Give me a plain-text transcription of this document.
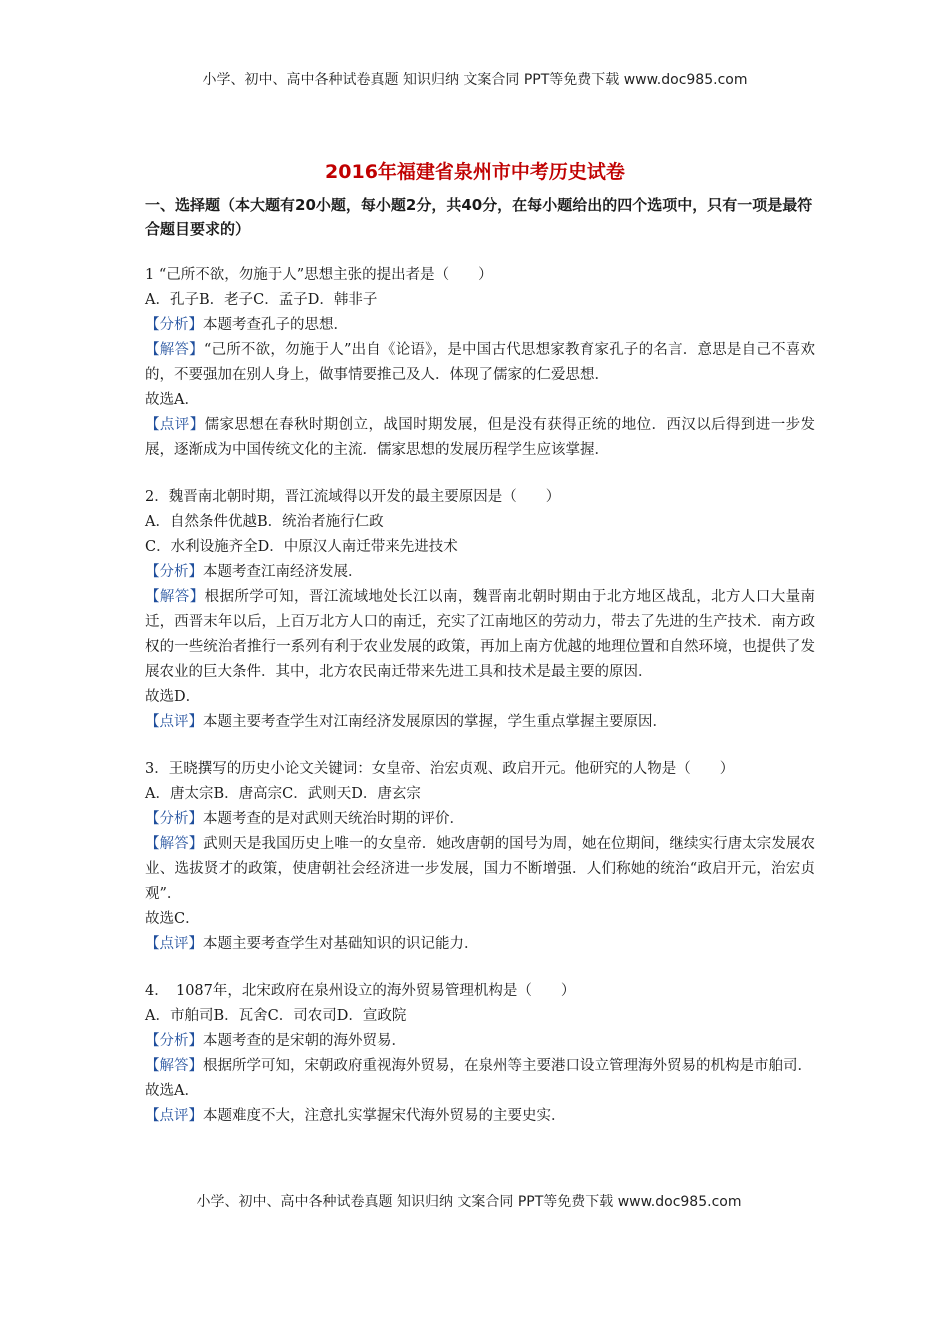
小学、初中、高中各种试卷真题 知识归纳 文案合同 PPT等免费下载 www.doc985.com
2016年福建省泉州市中考历史试卷
一、选择题（本大题有20小题，每小题2分，共40分，在每小题给出的四个选项中，只有一项是最符合题目要求的）
1 “己所不欲，勿施于人”思想主张的提出者是（　　）
A．孔子B．老子C．孟子D．韩非子
【分析】本题考查孔子的思想．
【解答】“己所不欲，勿施于人”出自《论语》，是中国古代思想家教育家孔子的名言．意思是自己不喜欢的，不要强加在别人身上，做事情要推己及人．体现了儒家的仁爱思想．
故选A．
【点评】儒家思想在春秋时期创立，战国时期发展，但是没有获得正统的地位．西汉以后得到进一步发展，逐渐成为中国传统文化的主流．儒家思想的发展历程学生应该掌握．
2．魏晋南北朝时期，晋江流域得以开发的最主要原因是（　　）
A．自然条件优越B．统治者施行仁政
C．水利设施齐全D．中原汉人南迁带来先进技术
【分析】本题考查江南经济发展．
【解答】根据所学可知，晋江流域地处长江以南，魏晋南北朝时期由于北方地区战乱，北方人口大量南迁，西晋末年以后，上百万北方人口的南迁，充实了江南地区的劳动力，带去了先进的生产技术．南方政权的一些统治者推行一系列有利于农业发展的政策，再加上南方优越的地理位置和自然环境，也提供了发展农业的巨大条件．其中，北方农民南迁带来先进工具和技术是最主要的原因．
故选D．
【点评】本题主要考查学生对江南经济发展原因的掌握，学生重点掌握主要原因．
3．王晓撰写的历史小论文关键词：女皇帝、治宏贞观、政启开元。他研究的人物是（　　）
A．唐太宗B．唐高宗C．武则天D．唐玄宗
【分析】本题考查的是对武则天统治时期的评价．
【解答】武则天是我国历史上唯一的女皇帝．她改唐朝的国号为周，她在位期间，继续实行唐太宗发展农业、选拔贤才的政策，使唐朝社会经济进一步发展，国力不断增强．人们称她的统治“政启开元，治宏贞观”．
故选C．
【点评】本题主要考查学生对基础知识的识记能力．
4．　1087年，北宋政府在泉州设立的海外贸易管理机构是（　　）
A．市舶司B．瓦舍C．司农司D．宣政院
【分析】本题考查的是宋朝的海外贸易．
【解答】根据所学可知，宋朝政府重视海外贸易，在泉州等主要港口设立管理海外贸易的机构是市舶司．
故选A．
【点评】本题难度不大，注意扎实掌握宋代海外贸易的主要史实．
小学、初中、高中各种试卷真题 知识归纳 文案合同 PPT等免费下载 www.doc985.com
